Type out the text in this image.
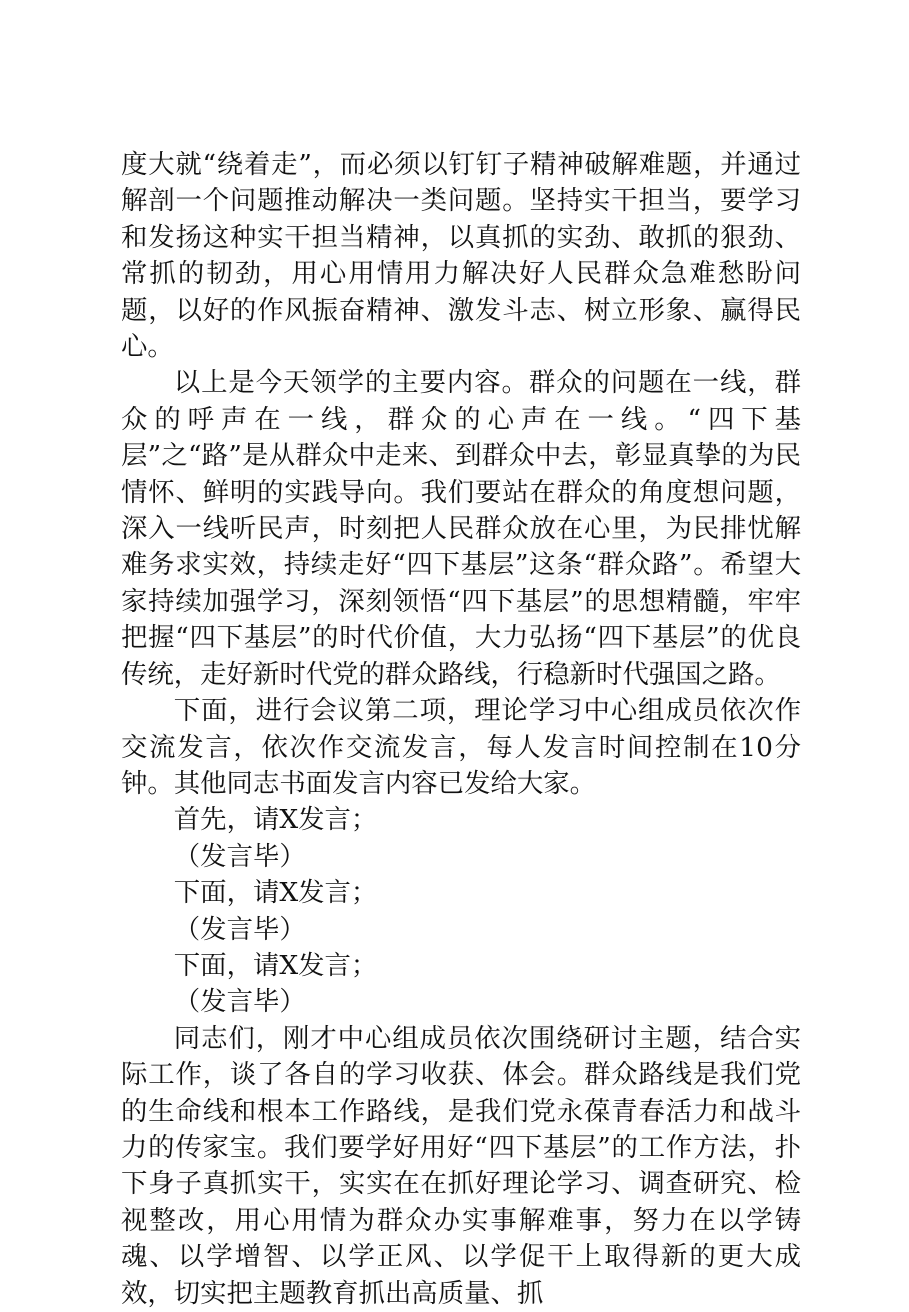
度大就“绕着走”，而必须以钉钉子精神破解难题，并通过解剖一个问题推动解决一类问题。坚持实干担当，要学习和发扬这种实干担当精神，以真抓的实劲、敢抓的狠劲、常抓的韧劲，用心用情用力解决好人民群众急难愁盼问题，以好的作风振奋精神、激发斗志、树立形象、赢得民心。

以上是今天领学的主要内容。群众的问题在一线，群众的呼声在一线，群众的心声在一线。“四下基层”之“路”是从群众中走来、到群众中去，彰显真挚的为民情怀、鲜明的实践导向。我们要站在群众的角度想问题，深入一线听民声，时刻把人民群众放在心里，为民排忧解难务求实效，持续走好“四下基层”这条“群众路”。希望大家持续加强学习，深刻领悟“四下基层”的思想精髓，牢牢把握“四下基层”的时代价值，大力弘扬“四下基层”的优良传统，走好新时代党的群众路线，行稳新时代强国之路。

下面，进行会议第二项，理论学习中心组成员依次作交流发言，依次作交流发言，每人发言时间控制在10分钟。其他同志书面发言内容已发给大家。

首先，请X发言；

（发言毕）

下面，请X发言；

（发言毕）

下面，请X发言；

（发言毕）

同志们，刚才中心组成员依次围绕研讨主题，结合实际工作，谈了各自的学习收获、体会。群众路线是我们党的生命线和根本工作路线，是我们党永葆青春活力和战斗力的传家宝。我们要学好用好“四下基层”的工作方法，扑下身子真抓实干，实实在在抓好理论学习、调查研究、检视整改，用心用情为群众办实事解难事，努力在以学铸魂、以学增智、以学正风、以学促干上取得新的更大成效，切实把主题教育抓出高质量、抓
